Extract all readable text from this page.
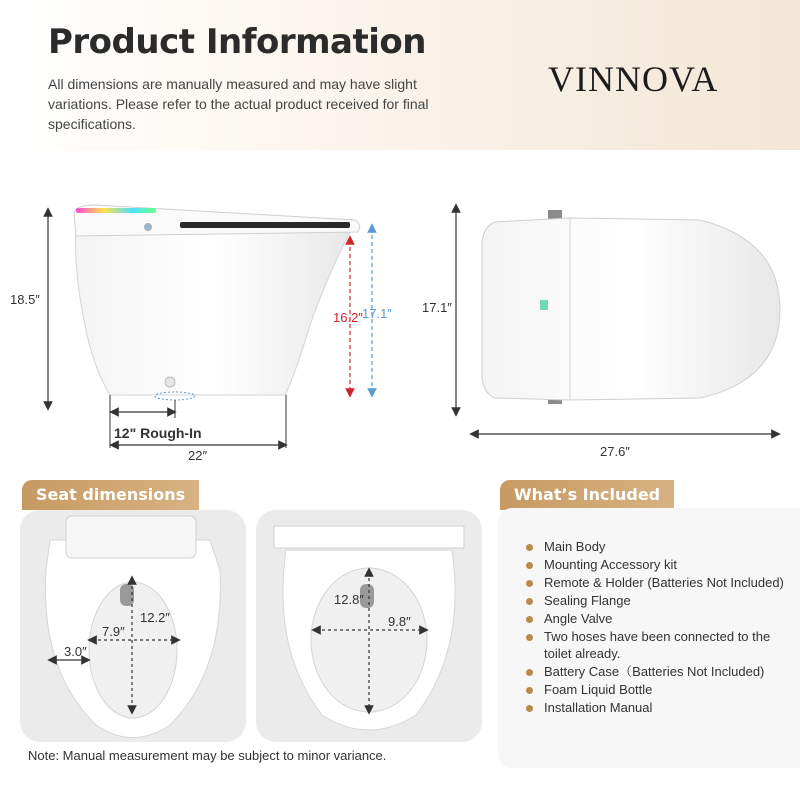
Product Information
All dimensions are manually measured and may have slight variations. Please refer to the actual product received for final specifications.
VINNOVA
18.5″
16.2″ 17.1″
12" Rough-In
22″
17.1″
27.6″
Seat dimensions
12.2″
7.9″
3.0″
12.8″
9.8″
What’s Included
Main Body
Mounting Accessory kit
Remote & Holder (Batteries Not Included)
Sealing Flange
Angle Valve
Two hoses have been connected to the toilet already.
Battery Case（Batteries Not Included)
Foam Liquid Bottle
Installation Manual
Note: Manual measurement may be subject to minor variance.
